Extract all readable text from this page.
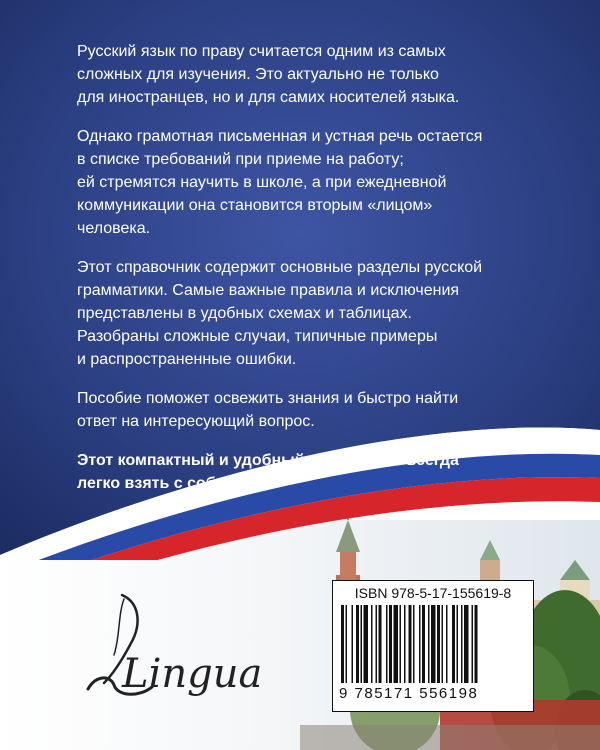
Русский язык по праву считается одним из самых
сложных для изучения. Это актуально не только
для иностранцев, но и для самих носителей языка.

Однако грамотная письменная и устная речь остается
в списке требований при приеме на работу;
ей стремятся научить в школе, а при ежедневной
коммуникации она становится вторым «лицом»
человека.

Этот справочник содержит основные разделы русской
грамматики. Самые важные правила и исключения
представлены в удобных схемах и таблицах.
Разобраны сложные случаи, типичные примеры
и распространенные ошибки.

Пособие поможет освежить знания и быстро найти
ответ на интересующий вопрос.

Этот компактный и удобный справочник всегда
легко взять с собой!

Lingua
ISBN 978-5-17-155619-8
9 785171 556198
